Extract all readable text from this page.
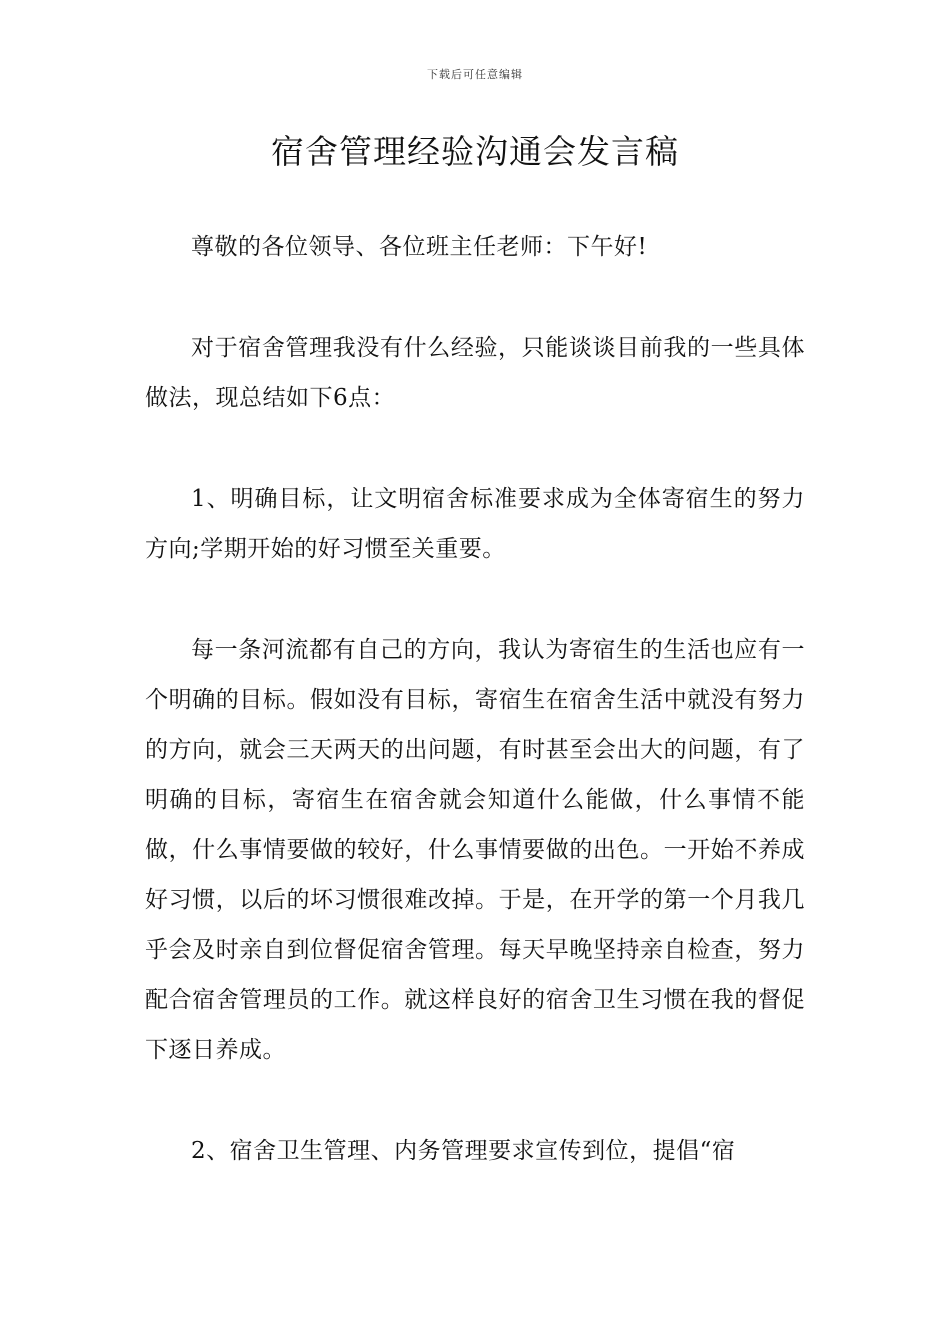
下载后可任意编辑
宿舍管理经验沟通会发言稿

尊敬的各位领导、各位班主任老师：下午好!

对于宿舍管理我没有什么经验，只能谈谈目前我的一些具体做法，现总结如下6点：

1、明确目标，让文明宿舍标准要求成为全体寄宿生的努力方向;学期开始的好习惯至关重要。

每一条河流都有自己的方向，我认为寄宿生的生活也应有一个明确的目标。假如没有目标，寄宿生在宿舍生活中就没有努力的方向，就会三天两天的出问题，有时甚至会出大的问题，有了明确的目标，寄宿生在宿舍就会知道什么能做，什么事情不能做，什么事情要做的较好，什么事情要做的出色。一开始不养成好习惯，以后的坏习惯很难改掉。于是，在开学的第一个月我几乎会及时亲自到位督促宿舍管理。每天早晚坚持亲自检查，努力配合宿舍管理员的工作。就这样良好的宿舍卫生习惯在我的督促下逐日养成。

2、宿舍卫生管理、内务管理要求宣传到位，提倡“宿
